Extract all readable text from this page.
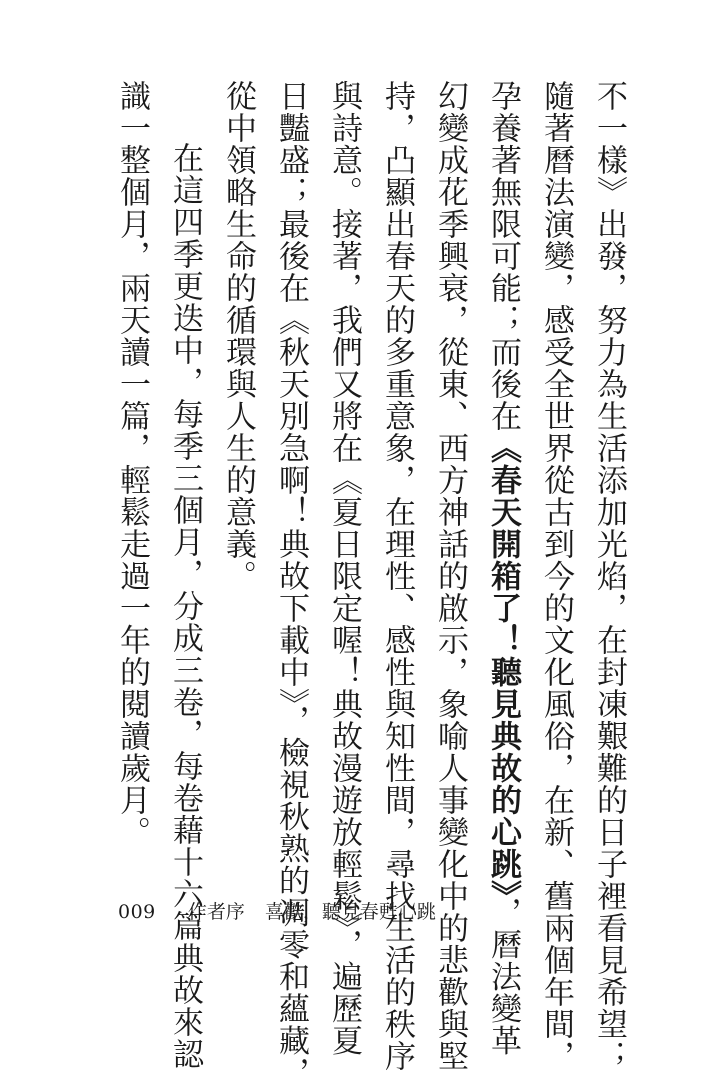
不一樣》出發，努力為生活添加光焰，在封凍艱難的日子裡看見希望；
隨著曆法演變，感受全世界從古到今的文化風俗，在新、舊兩個年間，
孕養著無限可能；而後在《春天開箱了！聽見典故的心跳》，曆法變革
幻變成花季興衰，從東、西方神話的啟示，象喻人事變化中的悲歡與堅
持，凸顯出春天的多重意象，在理性、感性與知性間，尋找生活的秩序
與詩意。接著，我們又將在《夏日限定喔！典故漫遊放輕鬆》，遍歷夏
日豔盛；最後在《秋天別急啊！典故下載中》，檢視秋熟的凋零和蘊藏，
從中領略生命的循環與人生的意義。
在這四季更迭中，每季三個月，分成三卷，每卷藉十六篇典故來認
識一整個月，兩天讀一篇，輕鬆走過一年的閱讀歲月。
009 作者序 喜歡，聽見春甦心跳
